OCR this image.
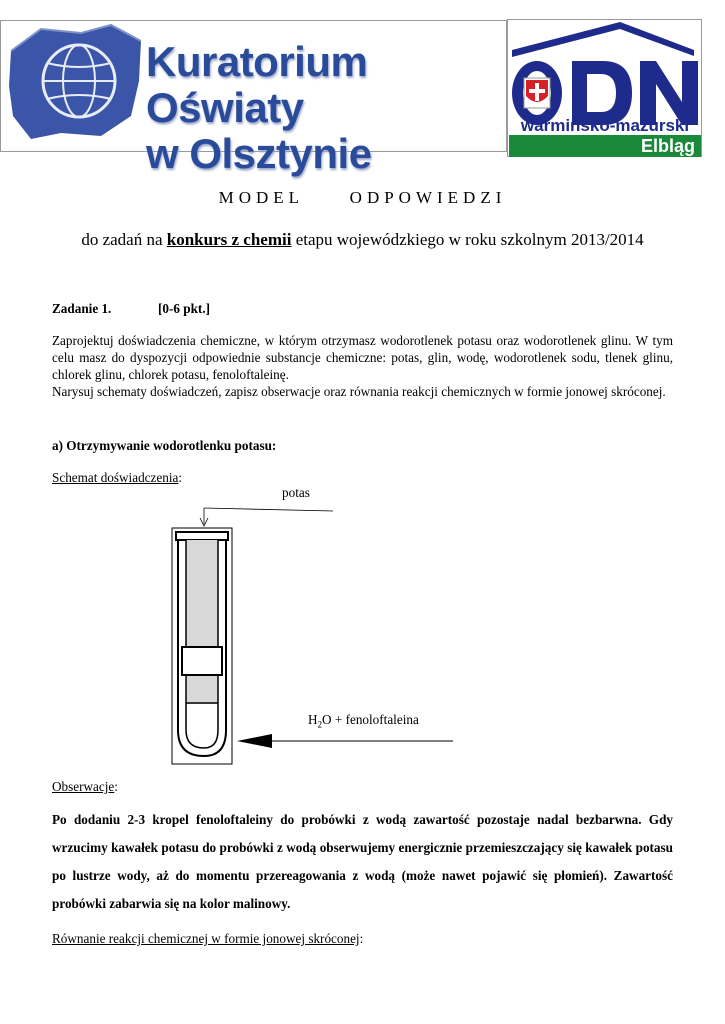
Kuratorium Oświaty
w Olsztynie
warmińsko-mazurski
Elbląg
MODEL     ODPOWIEDZI
do zadań na konkurs z chemii etapu wojewódzkiego w roku szkolnym 2013/2014
Zadanie 1.	[0-6 pkt.]
Zaprojektuj doświadczenia chemiczne, w którym otrzymasz wodorotlenek potasu oraz wodorotlenek glinu. W tym celu masz do dyspozycji odpowiednie substancje chemiczne: potas, glin, wodę, wodorotlenek sodu, tlenek glinu, chlorek glinu, chlorek potasu, fenoloftaleinę.
Narysuj schematy doświadczeń, zapisz obserwacje oraz równania reakcji chemicznych w formie jonowej skróconej.
a) Otrzymywanie wodorotlenku potasu:
Schemat doświadczenia:
potas
$H_2O$ + fenoloftaleina
Obserwacje:
Po dodaniu 2-3 kropel fenoloftaleiny do probówki z wodą zawartość pozostaje nadal bezbarwna. Gdy wrzucimy kawałek potasu do probówki z wodą obserwujemy energicznie przemieszczający się kawałek potasu po lustrze wody, aż do momentu przereagowania z wodą (może nawet pojawić się płomień). Zawartość probówki zabarwia się na kolor malinowy.
Równanie reakcji chemicznej w formie jonowej skróconej:
